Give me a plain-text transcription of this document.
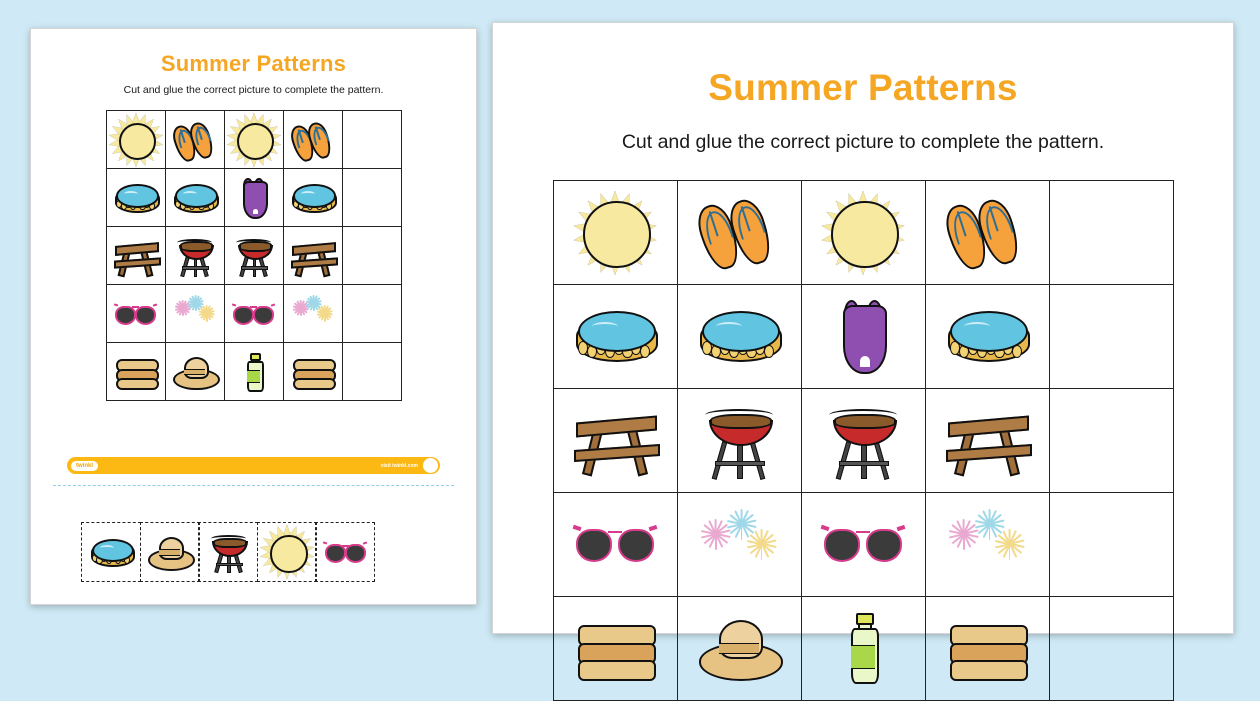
Summer Patterns
Cut and glue the correct picture to complete the pattern.
twinkl	visit twinkl.com
Summer Patterns
Cut and glue the correct picture to complete the pattern.
